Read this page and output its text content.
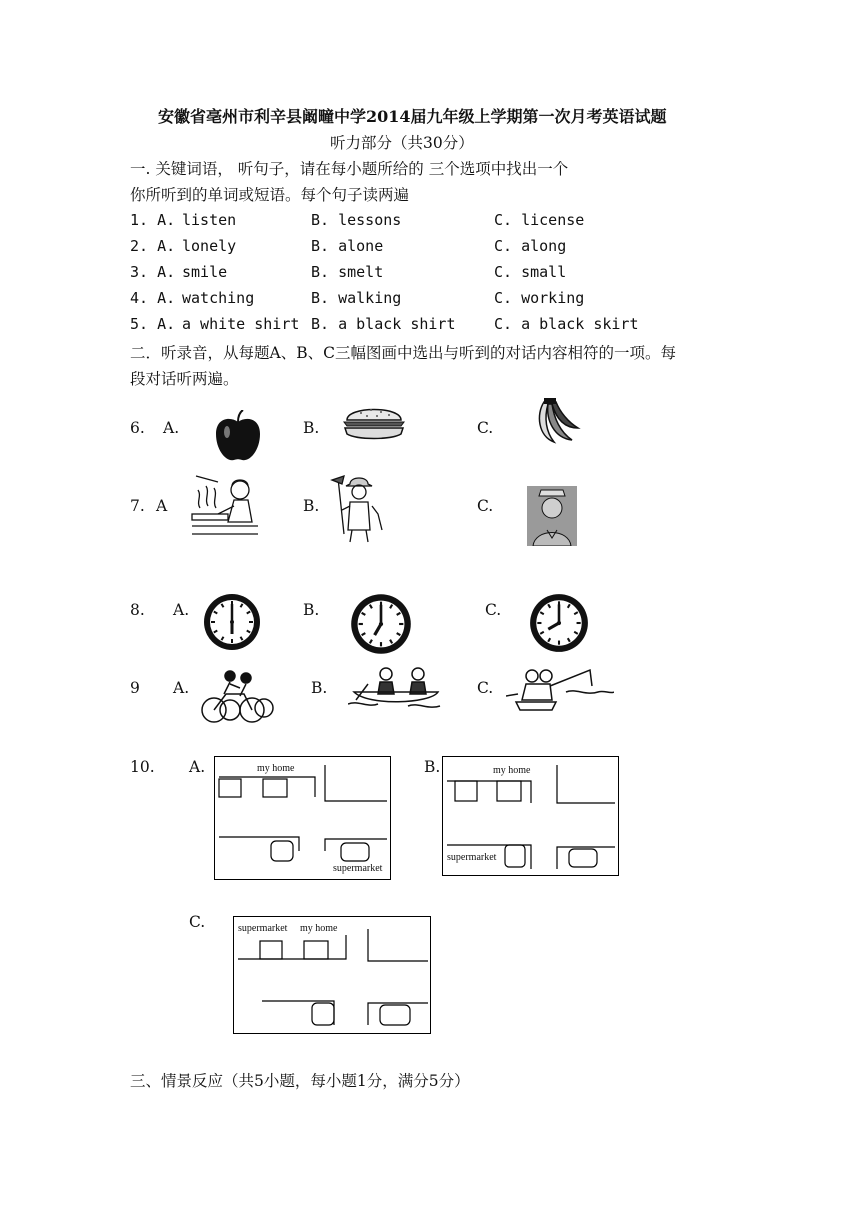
安徽省亳州市利辛县阚疃中学2014届九年级上学期第一次月考英语试题
听力部分（共30分）
一. 关键词语， 听句子，请在每小题所给的 三个选项中找出一个
你所听到的单词或短语。每个句子读两遍
1. A. listen	B. lessons	C. license
2. A. lonely	B. alone	C. along
3. A. smile	B. smelt	C. small
4. A. watching	B. walking	C. working
5. A. a white shirt B. a black shirt	C. a black skirt
二．听录音，从每题A、B、C三幅图画中选出与听到的对话内容相符的一项。每
段对话听两遍。
6. A.	B.	C.
7. A	B.	C.
8. A.	B.	C.
9 A.	B.	C.
10. A.	B.
C.
my home
supermarket
my home
supermarket
supermarket my home
三、情景反应（共5小题，每小题1分，满分5分）
